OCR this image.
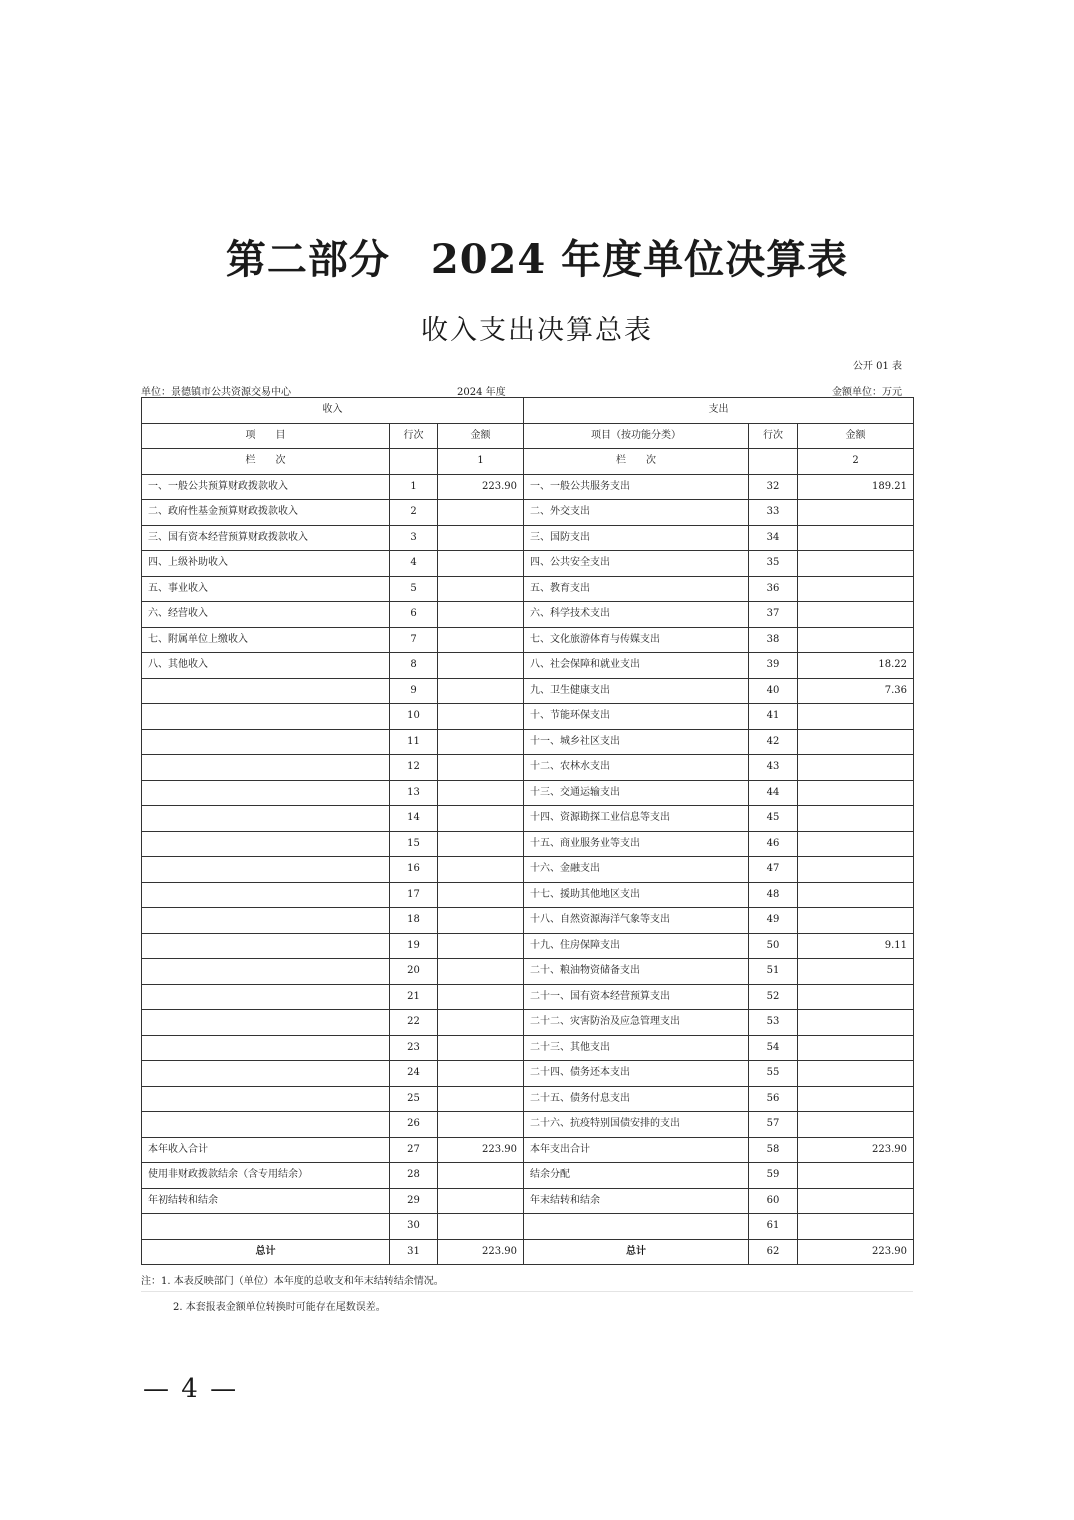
第二部分　2024 年度单位决算表
收入支出决算总表
公开 01 表
单位：景德镇市公共资源交易中心	2024 年度	金额单位：万元
收入			支出		
项　　目	行次	金额	项目（按功能分类）	行次	金额
栏　　次		1	栏　　次		2
一、一般公共预算财政拨款收入	1	223.90	一、一般公共服务支出	32	189.21
二、政府性基金预算财政拨款收入	2		二、外交支出	33	
三、国有资本经营预算财政拨款收入	3		三、国防支出	34	
四、上级补助收入	4		四、公共安全支出	35	
五、事业收入	5		五、教育支出	36	
六、经营收入	6		六、科学技术支出	37	
七、附属单位上缴收入	7		七、文化旅游体育与传媒支出	38	
八、其他收入	8		八、社会保障和就业支出	39	18.22
	9		九、卫生健康支出	40	7.36
	10		十、节能环保支出	41	
	11		十一、城乡社区支出	42	
	12		十二、农林水支出	43	
	13		十三、交通运输支出	44	
	14		十四、资源勘探工业信息等支出	45	
	15		十五、商业服务业等支出	46	
	16		十六、金融支出	47	
	17		十七、援助其他地区支出	48	
	18		十八、自然资源海洋气象等支出	49	
	19		十九、住房保障支出	50	9.11
	20		二十、粮油物资储备支出	51	
	21		二十一、国有资本经营预算支出	52	
	22		二十二、灾害防治及应急管理支出	53	
	23		二十三、其他支出	54	
	24		二十四、债务还本支出	55	
	25		二十五、债务付息支出	56	
	26		二十六、抗疫特别国债安排的支出	57	
本年收入合计	27	223.90	本年支出合计	58	223.90
使用非财政拨款结余（含专用结余）	28		结余分配	59	
年初结转和结余	29		年末结转和结余	60	
	30			61	
总计	31	223.90	总计	62	223.90
注：1. 本表反映部门（单位）本年度的总收支和年末结转结余情况。
2. 本套报表金额单位转换时可能存在尾数误差。
— 4 —
